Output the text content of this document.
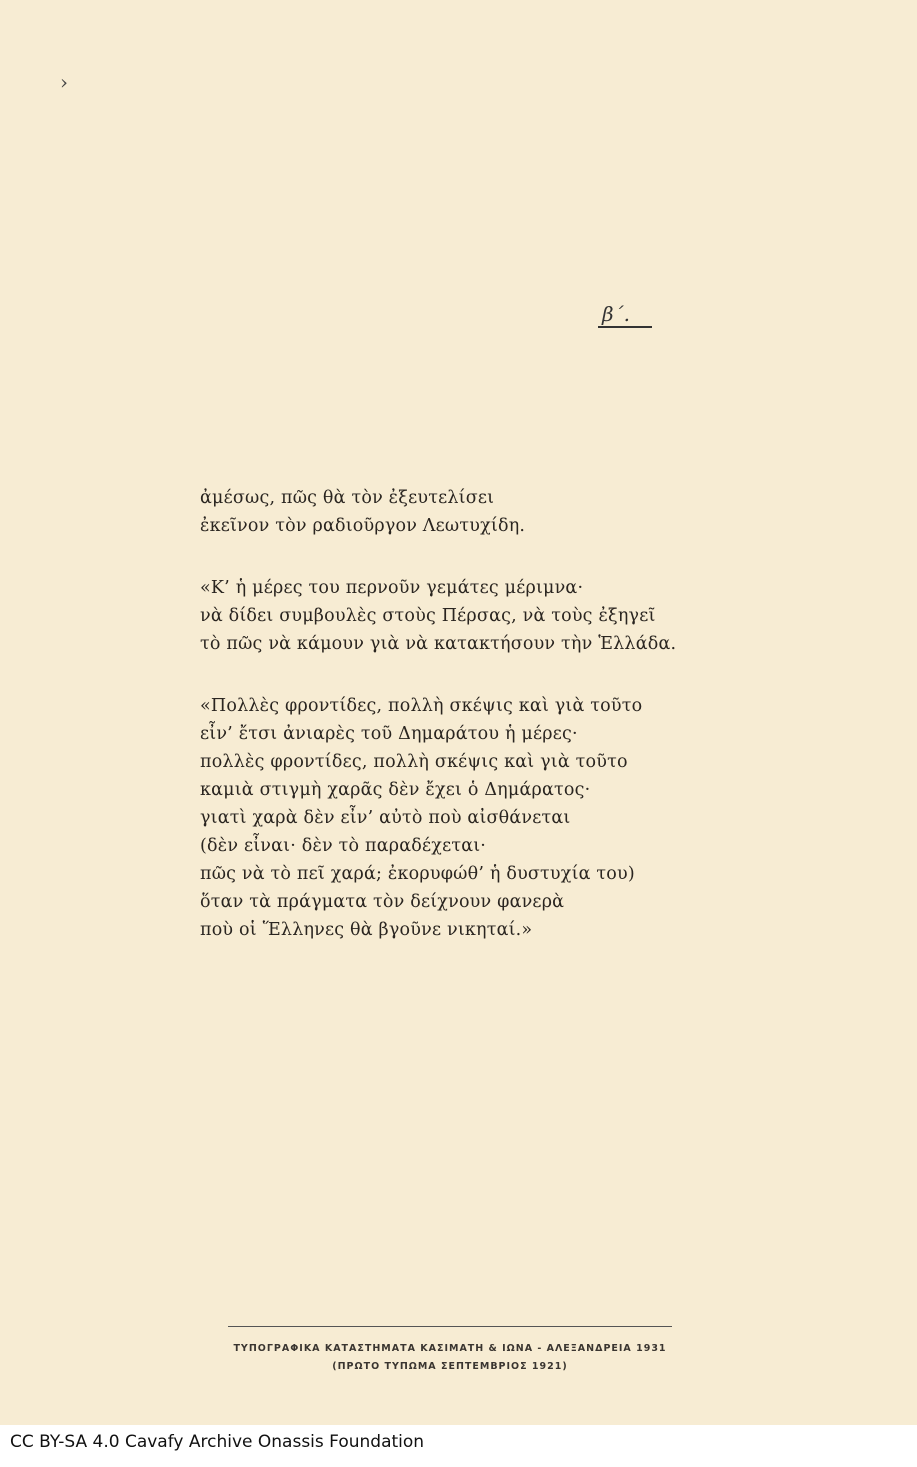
›
β΄.
ἀμέσως, πῶς θὰ τὸν ἐξευτελίσει
ἐκεῖνον τὸν ραδιοῦργον Λεωτυχίδη.
«Κ’ ἡ μέρες του περνοῦν γεμάτες μέριμνα·
νὰ δίδει συμβουλὲς στοὺς Πέρσας, νὰ τοὺς ἐξηγεῖ
τὸ πῶς νὰ κάμουν γιὰ νὰ κατακτήσουν τὴν Ἑλλάδα.
«Πολλὲς φροντίδες, πολλὴ σκέψις καὶ γιὰ τοῦτο
εἶν’ ἔτσι ἀνιαρὲς τοῦ Δημαράτου ἡ μέρες·
πολλὲς φροντίδες, πολλὴ σκέψις καὶ γιὰ τοῦτο
καμιὰ στιγμὴ χαρᾶς δὲν ἔχει ὁ Δημάρατος·
γιατὶ χαρὰ δὲν εἶν’ αὐτὸ ποὺ αἰσθάνεται
(δὲν εἶναι· δὲν τὸ παραδέχεται·
πῶς νὰ τὸ πεῖ χαρά; ἐκορυφώθ’ ἡ δυστυχία του)
ὅταν τὰ πράγματα τὸν δείχνουν φανερὰ
ποὺ οἱ Ἕλληνες θὰ βγοῦνε νικηταί.»
ΤΥΠΟΓΡΑΦΙΚΑ ΚΑΤΑΣΤΗΜΑΤΑ ΚΑΣΙΜΑΤΗ & ΙΩΝΑ - ΑΛΕΞΑΝΔΡΕΙΑ 1931
(ΠΡΩΤΟ ΤΥΠΩΜΑ ΣΕΠΤΕΜΒΡΙΟΣ 1921)
CC BY-SA 4.0 Cavafy Archive Onassis Foundation
